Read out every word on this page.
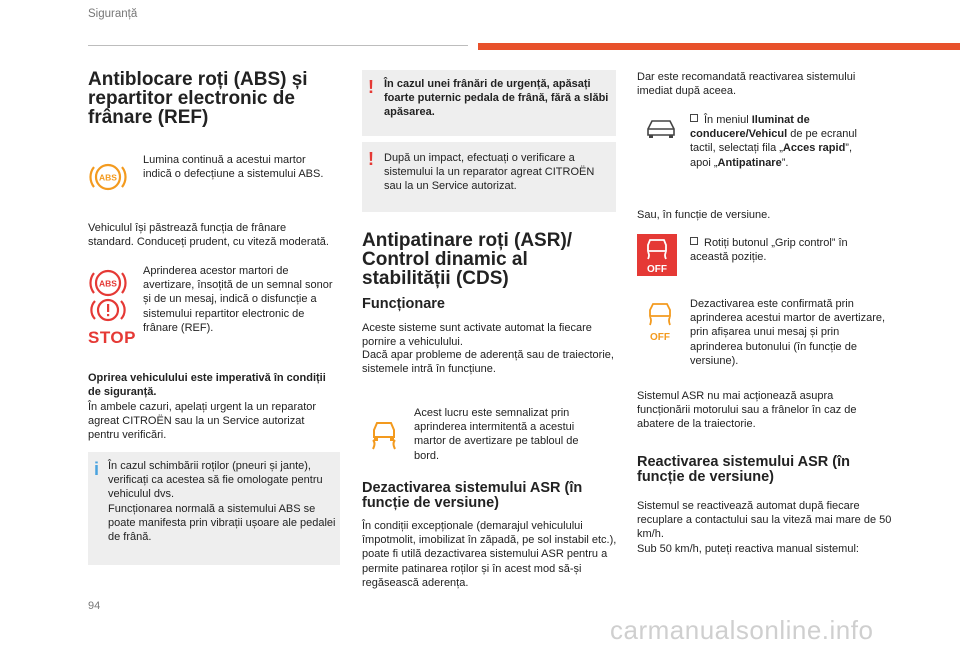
Siguranță
Antiblocare roți (ABS) și repartitor electronic de frânare (REF)
ABS

Lumina continuă a acestui martor indică o defecțiune a sistemului ABS.

Vehiculul își păstrează funcția de frânare standard. Conduceți prudent, cu viteză moderată.

ABS
STOP

Aprinderea acestor martori de avertizare, însoțită de un semnal sonor și de un mesaj, indică o disfuncție a sistemului repartitor electronic de frânare (REF).

Oprirea vehiculului este imperativă în condiții de siguranță.

În ambele cazuri, apelați urgent la un reparator agreat CITROËN sau la un Service autorizat pentru verificări.

i În cazul schimbării roților (pneuri și jante), verificați ca acestea să fie omologate pentru vehiculul dvs.

Funcționarea normală a sistemului ABS se poate manifesta prin vibrații ușoare ale pedalei de frână.

! În cazul unei frânări de urgență, apăsați foarte puternic pedala de frână, fără a slăbi apăsarea.

! După un impact, efectuați o verificare a sistemului la un reparator agreat CITROËN sau la un Service autorizat.

Antipatinare roți (ASR)/ Control dinamic al stabilității (CDS)
Funcționare

Aceste sisteme sunt activate automat la fiecare pornire a vehiculului.

Dacă apar probleme de aderență sau de traiectorie, sistemele intră în funcțiune.

Acest lucru este semnalizat prin aprinderea intermitentă a acestui martor de avertizare pe tabloul de bord.

Dezactivarea sistemului ASR (în funcție de versiune)

În condiții excepționale (demarajul vehiculului împotmolit, imobilizat în zăpadă, pe sol instabil etc.), poate fi utilă dezactivarea sistemului ASR pentru a permite patinarea roților și în acest mod să-și regăsească aderența.

Dar este recomandată reactivarea sistemului imediat după aceea.

În meniul Iluminat de conducere/Vehicul de pe ecranul tactil, selectați fila „Acces rapid”, apoi „Antipatinare”.

Sau, în funcție de versiune.

OFF

Rotiți butonul „Grip control” în această poziție.

OFF

Dezactivarea este confirmată prin aprinderea acestui martor de avertizare, prin afișarea unui mesaj și prin aprinderea butonului (în funcție de versiune).

Sistemul ASR nu mai acționează asupra funcționării motorului sau a frânelor în caz de abatere de la traiectorie.

Reactivarea sistemului ASR (în funcție de versiune)

Sistemul se reactivează automat după fiecare recuplare a contactului sau la viteză mai mare de 50 km/h.

Sub 50 km/h, puteți reactiva manual sistemul:

94
carmanualsonline.info
